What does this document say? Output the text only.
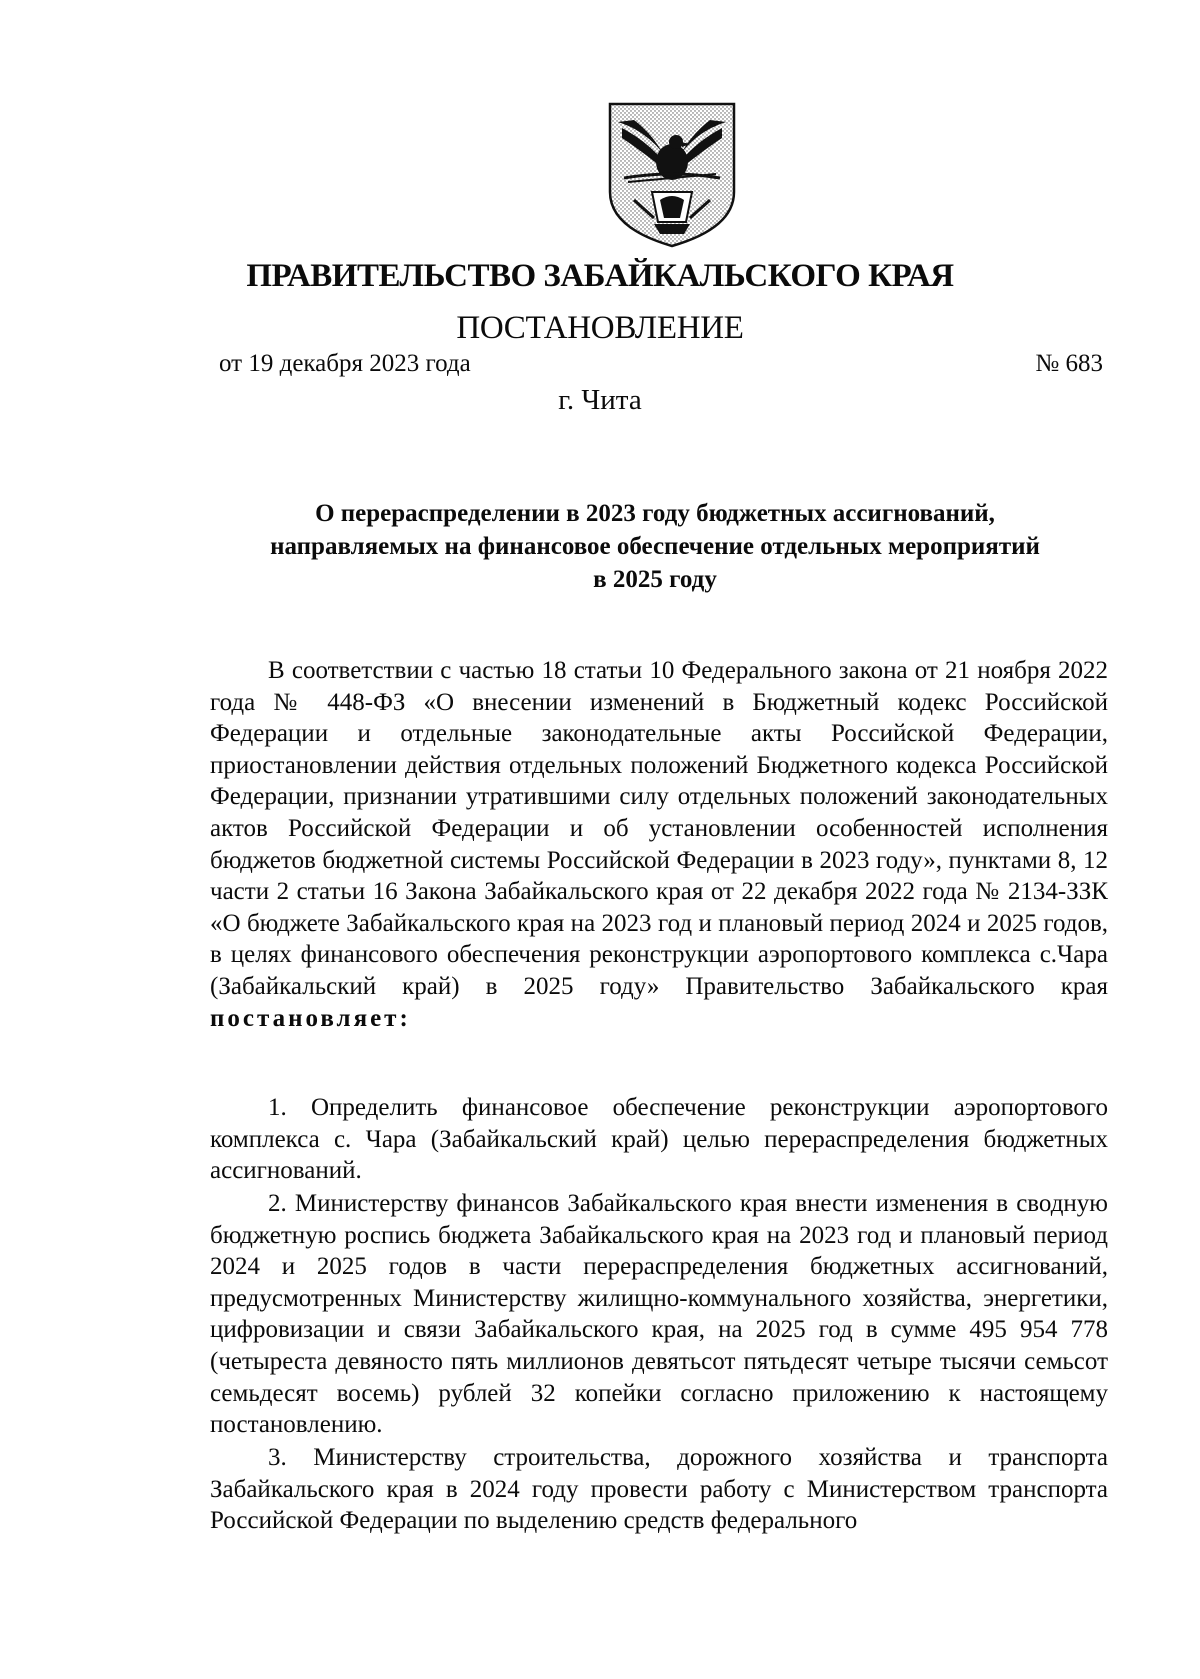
ПРАВИТЕЛЬСТВО ЗАБАЙКАЛЬСКОГО КРАЯ
ПОСТАНОВЛЕНИЕ
от 19 декабря 2023 года	№ 683
г. Чита
О перераспределении в 2023 году бюджетных ассигнований,
направляемых на финансовое обеспечение отдельных мероприятий
в 2025 году

В соответствии с частью 18 статьи 10 Федерального закона от 21 ноября 2022 года № 448-ФЗ «О внесении изменений в Бюджетный кодекс Российской Федерации и отдельные законодательные акты Российской Федерации, приостановлении действия отдельных положений Бюджетного кодекса Российской Федерации, признании утратившими силу отдельных положений законодательных актов Российской Федерации и об установлении особенностей исполнения бюджетов бюджетной системы Российской Федерации в 2023 году», пунктами 8, 12 части 2 статьи 16 Закона Забайкальского края от 22 декабря 2022 года № 2134-ЗЗК «О бюджете Забайкальского края на 2023 год и плановый период 2024 и 2025 годов, в целях финансового обеспечения реконструкции аэропортового комплекса с.Чара (Забайкальский край) в 2025 году» Правительство Забайкальского края постановляет:

1. Определить финансовое обеспечение реконструкции аэропортового комплекса с. Чара (Забайкальский край) целью перераспределения бюджетных ассигнований.

2. Министерству финансов Забайкальского края внести изменения в сводную бюджетную роспись бюджета Забайкальского края на 2023 год и плановый период 2024 и 2025 годов в части перераспределения бюджетных ассигнований, предусмотренных Министерству жилищно-коммунального хозяйства, энергетики, цифровизации и связи Забайкальского края, на 2025 год в сумме 495 954 778 (четыреста девяносто пять миллионов девятьсот пятьдесят четыре тысячи семьсот семьдесят восемь) рублей 32 копейки согласно приложению к настоящему постановлению.

3. Министерству строительства, дорожного хозяйства и транспорта Забайкальского края в 2024 году провести работу с Министерством транспорта Российской Федерации по выделению средств федерального
